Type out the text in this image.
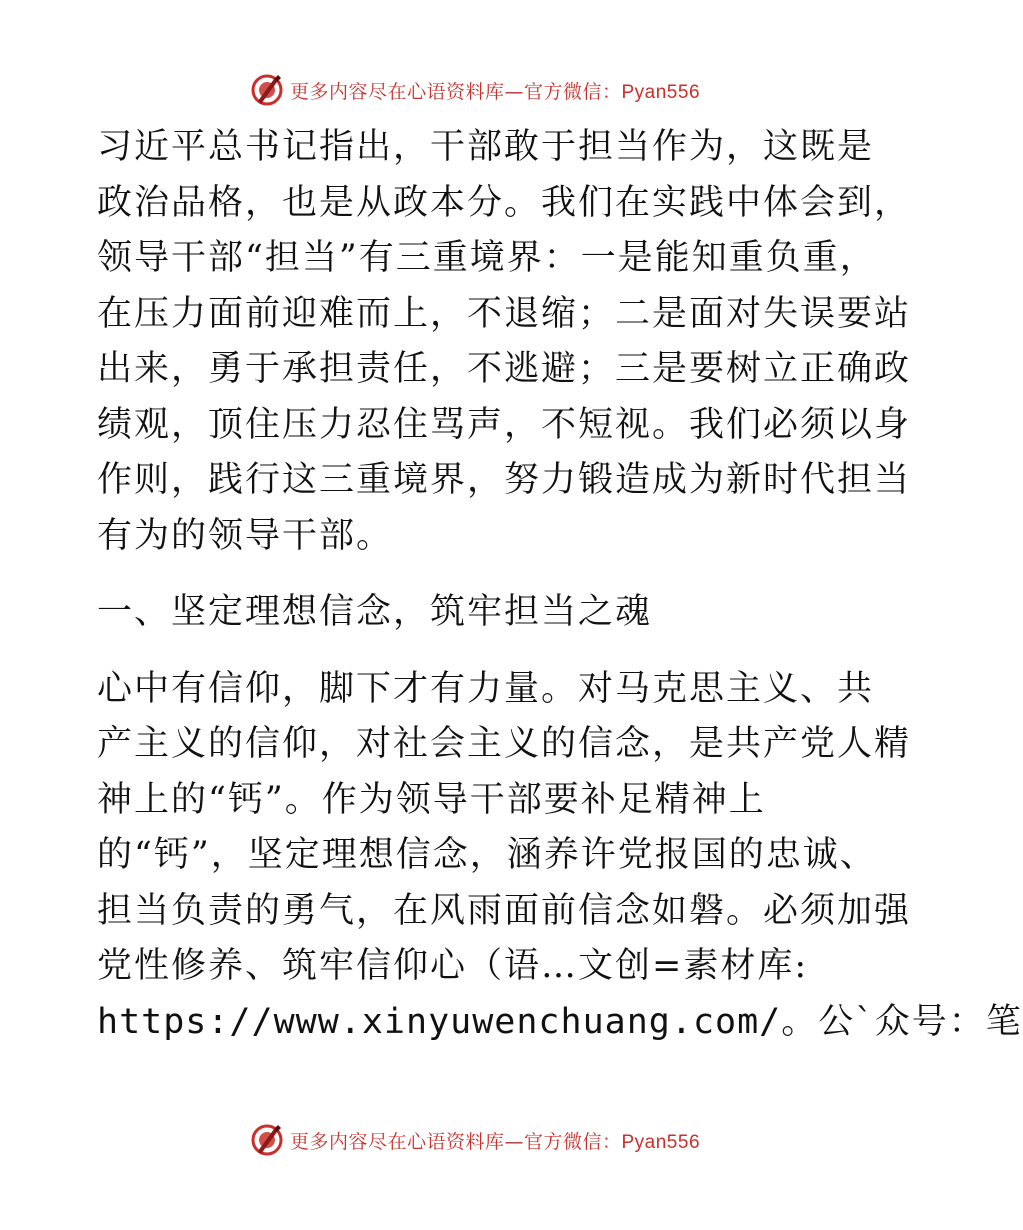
更多内容尽在心语资料库—官方微信：Pyan556

习近平总书记指出，干部敢于担当作为，这既是
政治品格，也是从政本分。我们在实践中体会到，
领导干部“担当”有三重境界：一是能知重负重，
在压力面前迎难而上，不退缩；二是面对失误要站
出来，勇于承担责任，不逃避；三是要树立正确政
绩观，顶住压力忍住骂声，不短视。我们必须以身
作则，践行这三重境界，努力锻造成为新时代担当
有为的领导干部。

一、坚定理想信念，筑牢担当之魂

心中有信仰，脚下才有力量。对马克思主义、共
产主义的信仰，对社会主义的信念，是共产党人精
神上的“钙”。作为领导干部要补足精神上
的“钙”，坚定理想信念，涵养许党报国的忠诚、
担当负责的勇气，在风雨面前信念如磐。必须加强
党性修养、筑牢信仰心（语…文创=素材库:
https://www.xinyuwenchuang.com/。公`众号：笔

更多内容尽在心语资料库—官方微信：Pyan556
